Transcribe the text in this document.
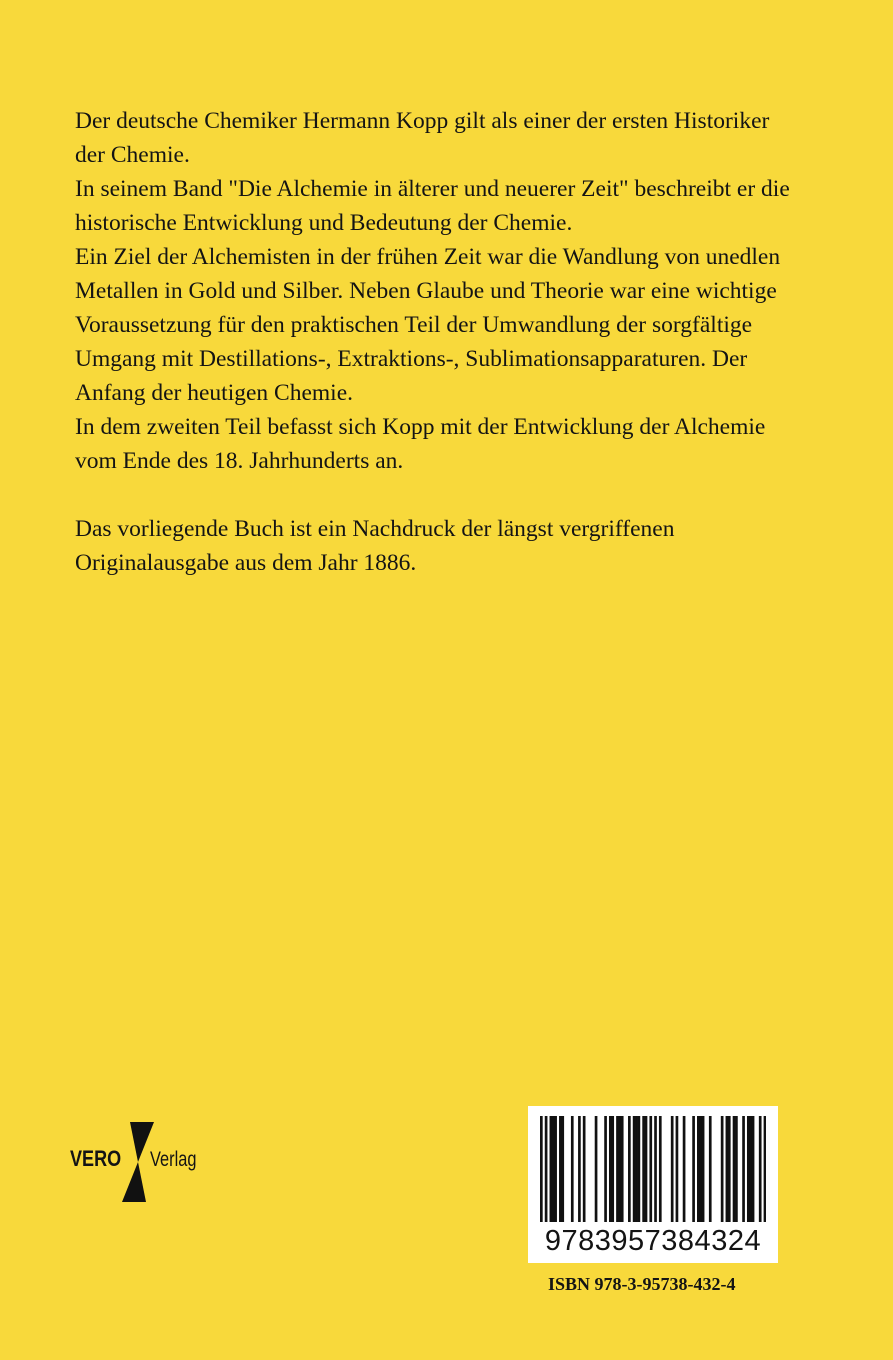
Der deutsche Chemiker Hermann Kopp gilt als einer der ersten Historiker der Chemie.

In seinem Band "Die Alchemie in älterer und neuerer Zeit" beschreibt er die historische Entwicklung und Bedeutung der Chemie.

Ein Ziel der Alchemisten in der frühen Zeit war die Wandlung von unedlen Metallen in Gold und Silber. Neben Glaube und Theorie war eine wichtige Voraussetzung für den praktischen Teil der Umwandlung der sorgfältige Umgang mit Destillations-, Extraktions-, Sublimationsapparaturen. Der Anfang der heutigen Chemie.

In dem zweiten Teil befasst sich Kopp mit der Entwicklung der Alchemie vom Ende des 18. Jahrhunderts an.

Das vorliegende Buch ist ein Nachdruck der längst vergriffenen Originalausgabe aus dem Jahr 1886.

VERO Verlag
9783957384324
ISBN 978-3-95738-432-4
